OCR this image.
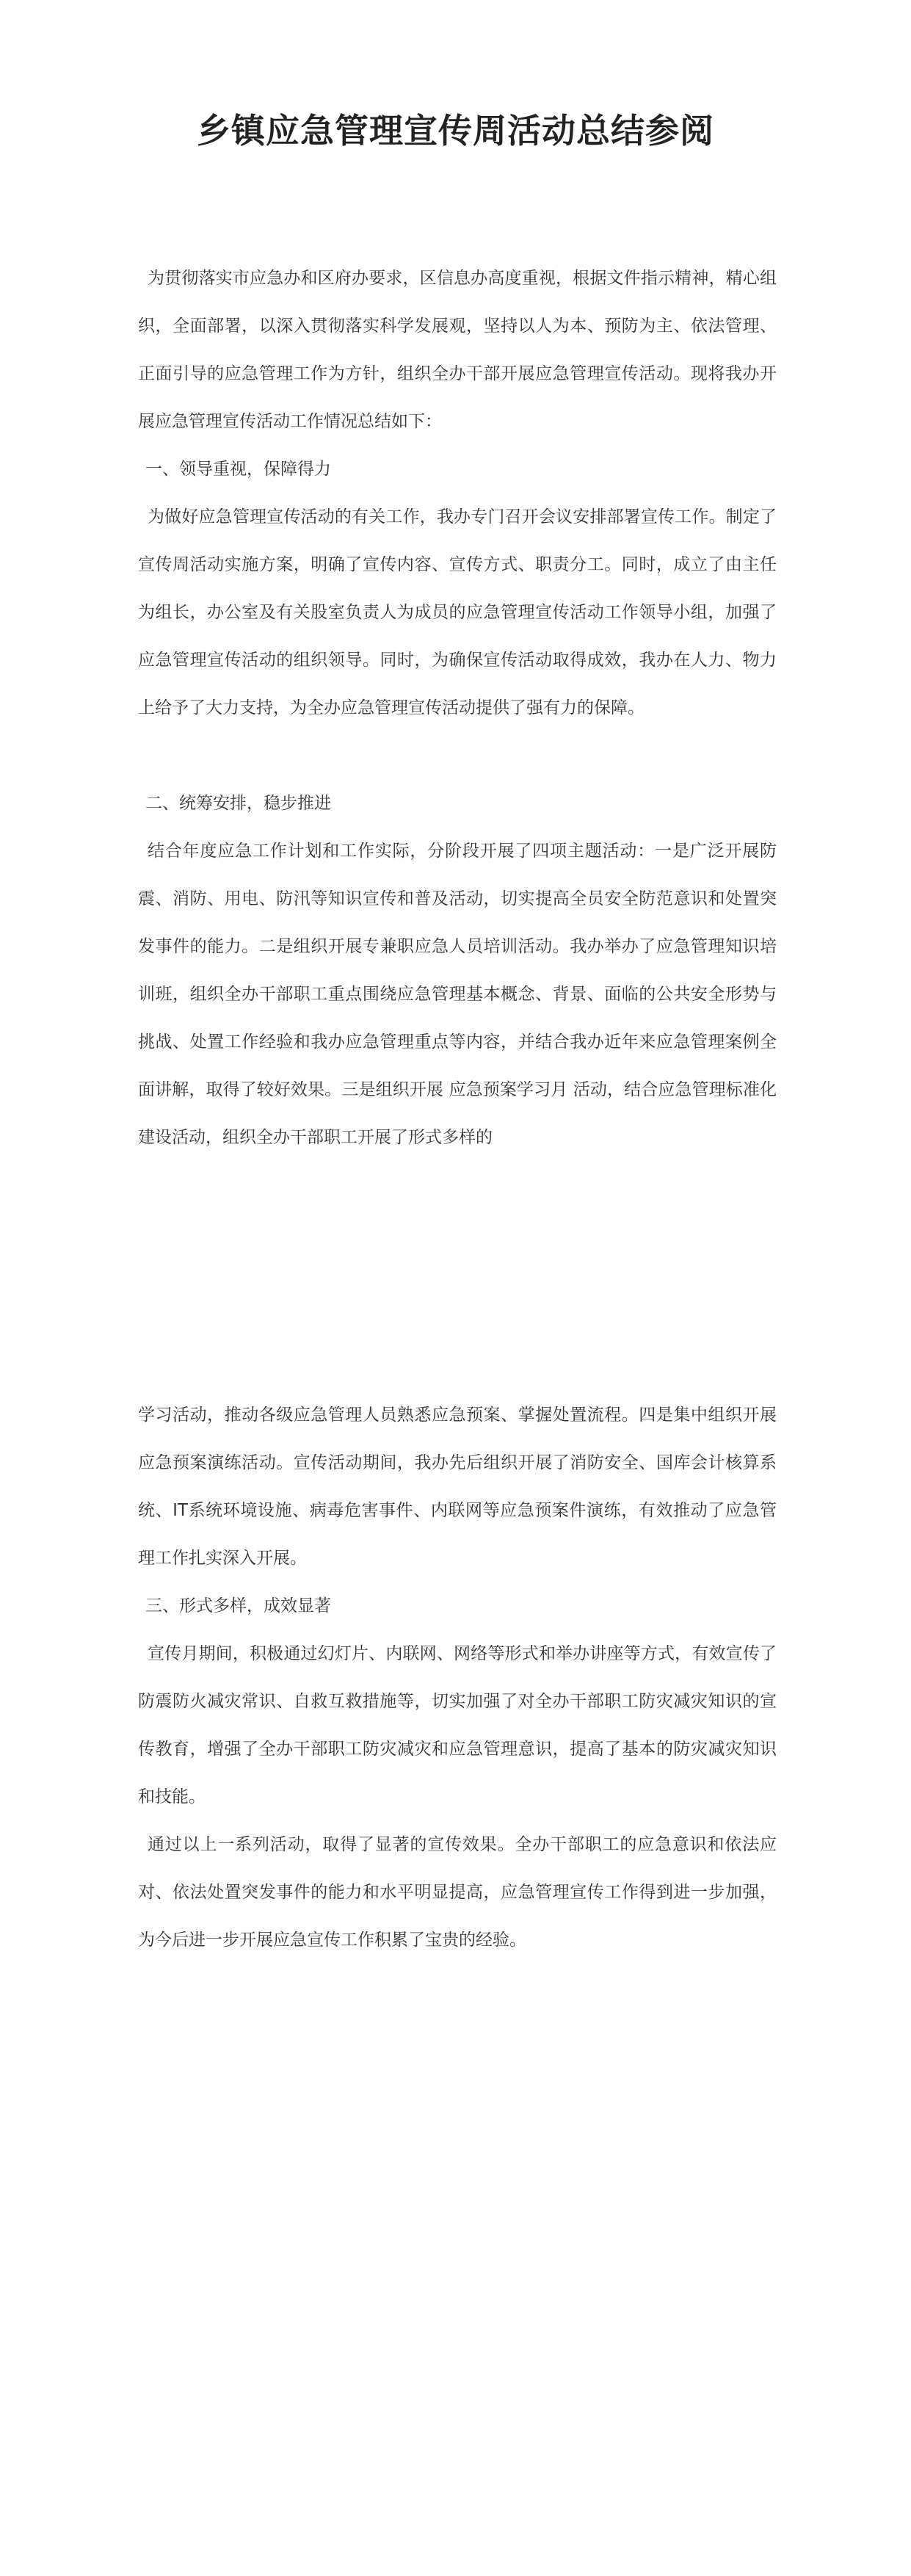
乡镇应急管理宣传周活动总结参阅

为贯彻落实市应急办和区府办要求，区信息办高度重视，根据文件指示精神，精心组织，全面部署，以深入贯彻落实科学发展观，坚持以人为本、预防为主、依法管理、正面引导的应急管理工作为方针，组织全办干部开展应急管理宣传活动。现将我办开展应急管理宣传活动工作情况总结如下：

一、领导重视，保障得力

为做好应急管理宣传活动的有关工作，我办专门召开会议安排部署宣传工作。制定了宣传周活动实施方案，明确了宣传内容、宣传方式、职责分工。同时，成立了由主任为组长，办公室及有关股室负责人为成员的应急管理宣传活动工作领导小组，加强了应急管理宣传活动的组织领导。同时，为确保宣传活动取得成效，我办在人力、物力上给予了大力支持，为全办应急管理宣传活动提供了强有力的保障。

二、统筹安排，稳步推进

结合年度应急工作计划和工作实际，分阶段开展了四项主题活动：一是广泛开展防震、消防、用电、防汛等知识宣传和普及活动，切实提高全员安全防范意识和处置突发事件的能力。二是组织开展专兼职应急人员培训活动。我办举办了应急管理知识培训班，组织全办干部职工重点围绕应急管理基本概念、背景、面临的公共安全形势与挑战、处置工作经验和我办应急管理重点等内容，并结合我办近年来应急管理案例全面讲解，取得了较好效果。三是组织开展 应急预案学习月 活动，结合应急管理标准化建设活动，组织全办干部职工开展了形式多样的

学习活动，推动各级应急管理人员熟悉应急预案、掌握处置流程。四是集中组织开展应急预案演练活动。宣传活动期间，我办先后组织开展了消防安全、国库会计核算系统、IT系统环境设施、病毒危害事件、内联网等应急预案件演练，有效推动了应急管理工作扎实深入开展。

三、形式多样，成效显著

宣传月期间，积极通过幻灯片、内联网、网络等形式和举办讲座等方式，有效宣传了防震防火减灾常识、自救互救措施等，切实加强了对全办干部职工防灾减灾知识的宣传教育，增强了全办干部职工防灾减灾和应急管理意识，提高了基本的防灾减灾知识和技能。

通过以上一系列活动，取得了显著的宣传效果。全办干部职工的应急意识和依法应对、依法处置突发事件的能力和水平明显提高，应急管理宣传工作得到进一步加强，为今后进一步开展应急宣传工作积累了宝贵的经验。
